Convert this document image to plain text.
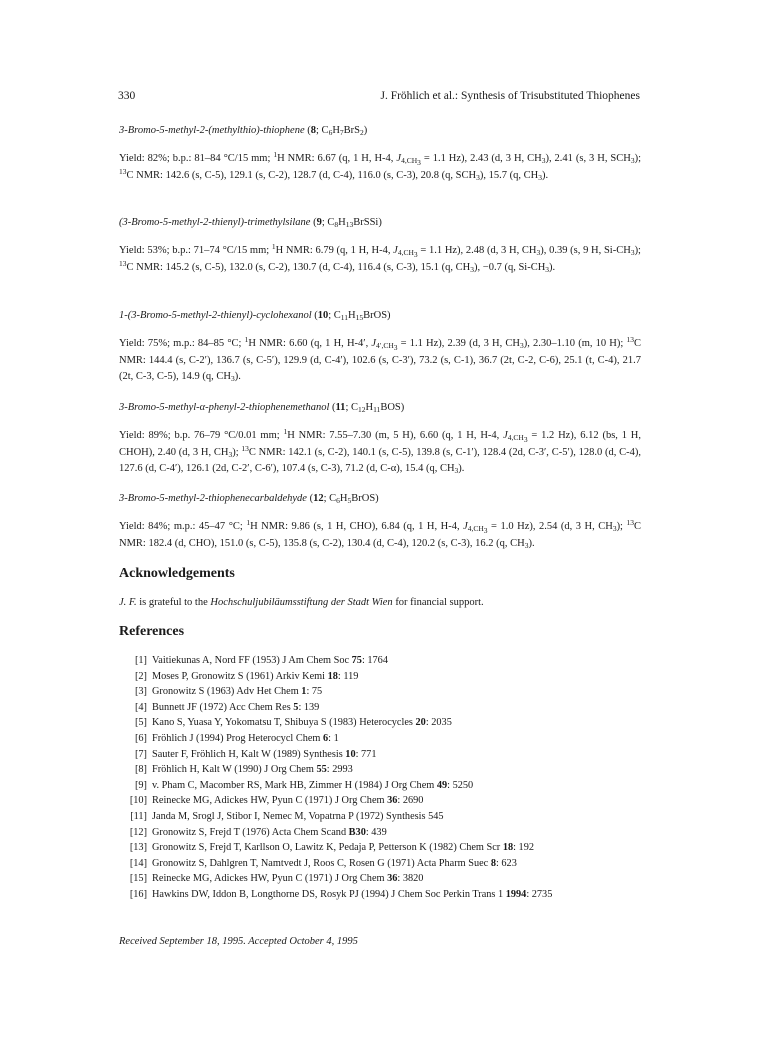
330	J. Fröhlich et al.: Synthesis of Trisubstituted Thiophenes
3-Bromo-5-methyl-2-(methylthio)-thiophene (8; $C_6H_7BrS_2$)
Yield: 82%; b.p.: 81–84 °C/15 mm; $^1$H NMR: 6.67 (q, 1 H, H-4, $J_{4,CH_3} = 1.1$ Hz), 2.43 (d, 3 H, $CH_3$), 2.41 (s, 3 H, $SCH_3$); $^{13}$C NMR: 142.6 (s, C-5), 129.1 (s, C-2), 128.7 (d, C-4), 116.0 (s, C-3), 20.8 (q, $SCH_3$), 15.7 (q, $CH_3$).
(3-Bromo-5-methyl-2-thienyl)-trimethylsilane (9; $C_8H_{13}BrSSi$)
Yield: 53%; b.p.: 71–74 °C/15 mm; $^1$H NMR: 6.79 (q, 1 H, H-4, $J_{4,CH_3} = 1.1$ Hz), 2.48 (d, 3 H, $CH_3$), 0.39 (s, 9 H, $Si-CH_3$); $^{13}$C NMR: 145.2 (s, C-5), 132.0 (s, C-2), 130.7 (d, C-4), 116.4 (s, C-3), 15.1 (q, $CH_3$), −0.7 (q, $Si-CH_3$).
1-(3-Bromo-5-methyl-2-thienyl)-cyclohexanol (10; $C_{11}H_{15}BrOS$)
Yield: 75%; m.p.: 84–85 °C; $^1$H NMR: 6.60 (q, 1 H, H-4′, $J_{4',CH_3} = 1.1$ Hz), 2.39 (d, 3 H, $CH_3$), 2.30–1.10 (m, 10 H); $^{13}$C NMR: 144.4 (s, C-2′), 136.7 (s, C-5′), 129.9 (d, C-4′), 102.6 (s, C-3′), 73.2 (s, C-1), 36.7 (2t, C-2, C-6), 25.1 (t, C-4), 21.7 (2t, C-3, C-5), 14.9 (q, $CH_3$).
3-Bromo-5-methyl-α-phenyl-2-thiophenemethanol (11; $C_{12}H_{11}BOS$)
Yield: 89%; b.p. 76–79 °C/0.01 mm; $^1$H NMR: 7.55–7.30 (m, 5 H), 6.60 (q, 1 H, H-4, $J_{4,CH_3} = 1.2$ Hz), 6.12 (bs, 1 H, CHOH), 2.40 (d, 3 H, $CH_3$); $^{13}$C NMR: 142.1 (s, C-2), 140.1 (s, C-5), 139.8 (s, C-1′), 128.4 (2d, C-3′, C-5′), 128.0 (d, C-4), 127.6 (d, C-4′), 126.1 (2d, C-2′, C-6′), 107.4 (s, C-3), 71.2 (d, C-α), 15.4 (q, $CH_3$).
3-Bromo-5-methyl-2-thiophenecarbaldehyde (12; $C_6H_5BrOS$)
Yield: 84%; m.p.: 45–47 °C; $^1$H NMR: 9.86 (s, 1 H, CHO), 6.84 (q, 1 H, H-4, $J_{4,CH_3} = 1.0$ Hz), 2.54 (d, 3 H, $CH_3$); $^{13}$C NMR: 182.4 (d, CHO), 151.0 (s, C-5), 135.8 (s, C-2), 130.4 (d, C-4), 120.2 (s, C-3), 16.2 (q, $CH_3$).
Acknowledgements
J. F. is grateful to the Hochschuljubiläumsstiftung der Stadt Wien for financial support.
References
[1] Vaitiekunas A, Nord FF (1953) J Am Chem Soc 75: 1764
[2] Moses P, Gronowitz S (1961) Arkiv Kemi 18: 119
[3] Gronowitz S (1963) Adv Het Chem 1: 75
[4] Bunnett JF (1972) Acc Chem Res 5: 139
[5] Kano S, Yuasa Y, Yokomatsu T, Shibuya S (1983) Heterocycles 20: 2035
[6] Fröhlich J (1994) Prog Heterocycl Chem 6: 1
[7] Sauter F, Fröhlich H, Kalt W (1989) Synthesis 10: 771
[8] Fröhlich H, Kalt W (1990) J Org Chem 55: 2993
[9] v. Pham C, Macomber RS, Mark HB, Zimmer H (1984) J Org Chem 49: 5250
[10] Reinecke MG, Adickes HW, Pyun C (1971) J Org Chem 36: 2690
[11] Janda M, Srogl J, Stibor I, Nemec M, Vopatrna P (1972) Synthesis 545
[12] Gronowitz S, Frejd T (1976) Acta Chem Scand B30: 439
[13] Gronowitz S, Frejd T, Karllson O, Lawitz K, Pedaja P, Petterson K (1982) Chem Scr 18: 192
[14] Gronowitz S, Dahlgren T, Namtvedt J, Roos C, Rosen G (1971) Acta Pharm Suec 8: 623
[15] Reinecke MG, Adickes HW, Pyun C (1971) J Org Chem 36: 3820
[16] Hawkins DW, Iddon B, Longthorne DS, Rosyk PJ (1994) J Chem Soc Perkin Trans 1 1994: 2735
Received September 18, 1995. Accepted October 4, 1995
